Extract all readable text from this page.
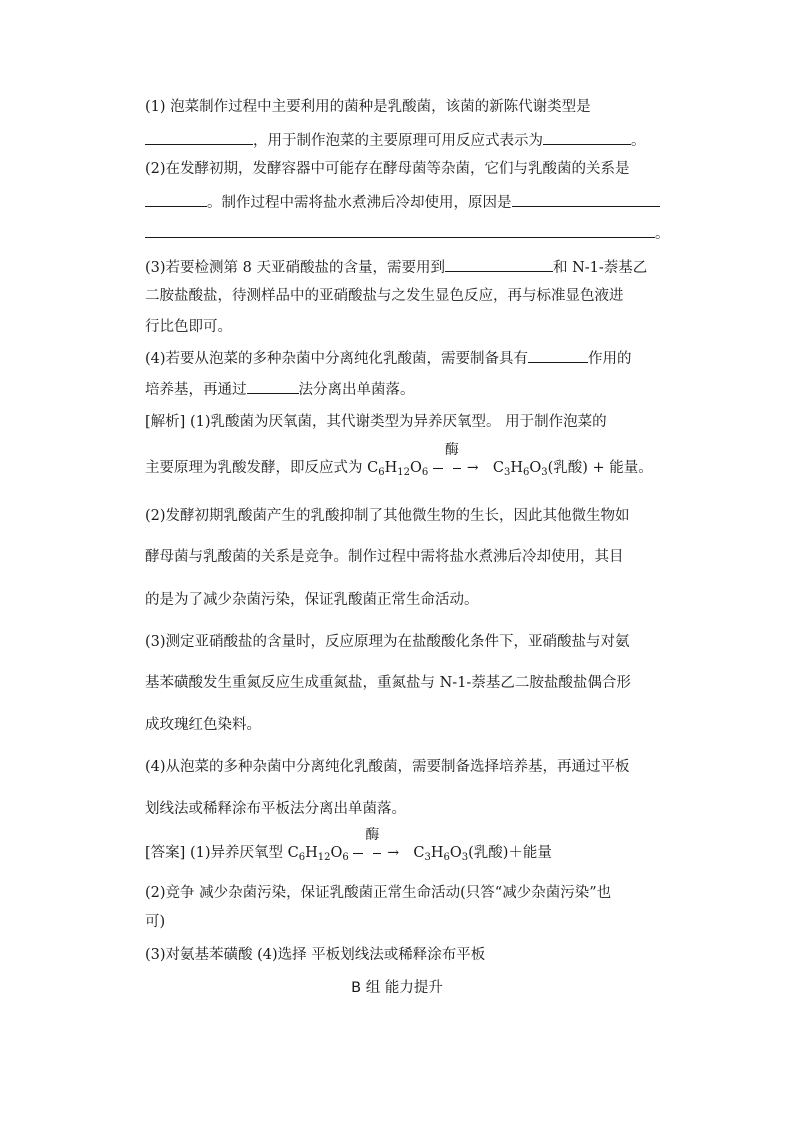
(1) 泡菜制作过程中主要利用的菌种是乳酸菌，该菌的新陈代谢类型是
，用于制作泡菜的主要原理可用反应式表示为	。
(2)在发酵初期，发酵容器中可能存在酵母菌等杂菌，它们与乳酸菌的关系是
。制作过程中需将盐水煮沸后冷却使用，原因是
。
(3)若要检测第 8 天亚硝酸盐的含量，需要用到	和 N-1-萘基乙
二胺盐酸盐，待测样品中的亚硝酸盐与之发生显色反应，再与标准显色液进
行比色即可。
(4)若要从泡菜的多种杂菌中分离纯化乳酸菌，需要制备具有	作用的
培养基，再通过	法分离出单菌落。
[解析] (1)乳酸菌为厌氧菌，其代谢类型为异养厌氧型。 用于制作泡菜的
主要原理为乳酸发酵，即反应式为 $C_6H_{12}O_6$
酶
→ $C_3H_6O_3$(乳酸) + 能量。
(2)发酵初期乳酸菌产生的乳酸抑制了其他微生物的生长，因此其他微生物如
酵母菌与乳酸菌的关系是竞争。制作过程中需将盐水煮沸后冷却使用，其目
的是为了减少杂菌污染，保证乳酸菌正常生命活动。
(3)测定亚硝酸盐的含量时，反应原理为在盐酸酸化条件下，亚硝酸盐与对氨
基苯磺酸发生重氮反应生成重氮盐，重氮盐与 N-1-萘基乙二胺盐酸盐偶合形
成玫瑰红色染料。
(4)从泡菜的多种杂菌中分离纯化乳酸菌，需要制备选择培养基，再通过平板
划线法或稀释涂布平板法分离出单菌落。
[答案] (1)异养厌氧型 $C_6H_{12}O_6$
酶
→ $C_3H_6O_3$(乳酸)＋能量
(2)竞争 减少杂菌污染，保证乳酸菌正常生命活动(只答“减少杂菌污染”也
可)
(3)对氨基苯磺酸 (4)选择 平板划线法或稀释涂布平板
B 组 能力提升
